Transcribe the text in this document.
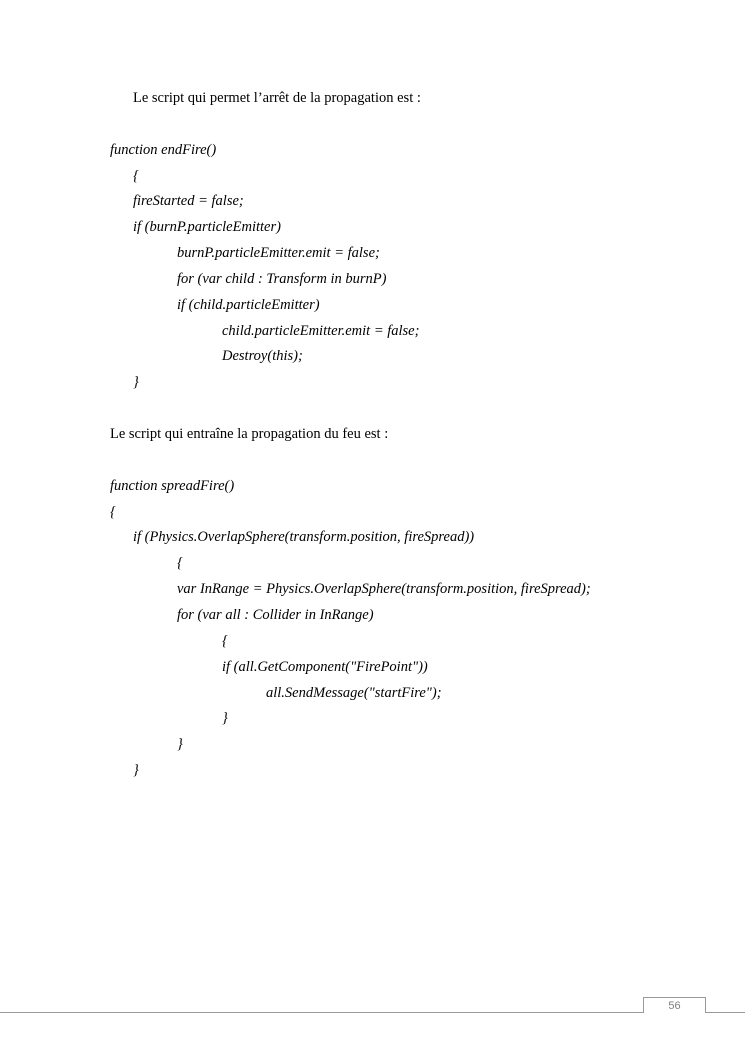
Le script qui permet l’arrêt de la propagation est :

function endFire()
{
fireStarted = false;
if (burnP.particleEmitter)
burnP.particleEmitter.emit = false;
for (var child : Transform in burnP)
if (child.particleEmitter)
child.particleEmitter.emit = false;
Destroy(this);
}

Le script qui entraîne la propagation du feu est :

function spreadFire()
{
if (Physics.OverlapSphere(transform.position, fireSpread))
{
var InRange = Physics.OverlapSphere(transform.position, fireSpread);
for (var all : Collider in InRange)
{
if (all.GetComponent("FirePoint"))
all.SendMessage("startFire");
}
}
}
56
